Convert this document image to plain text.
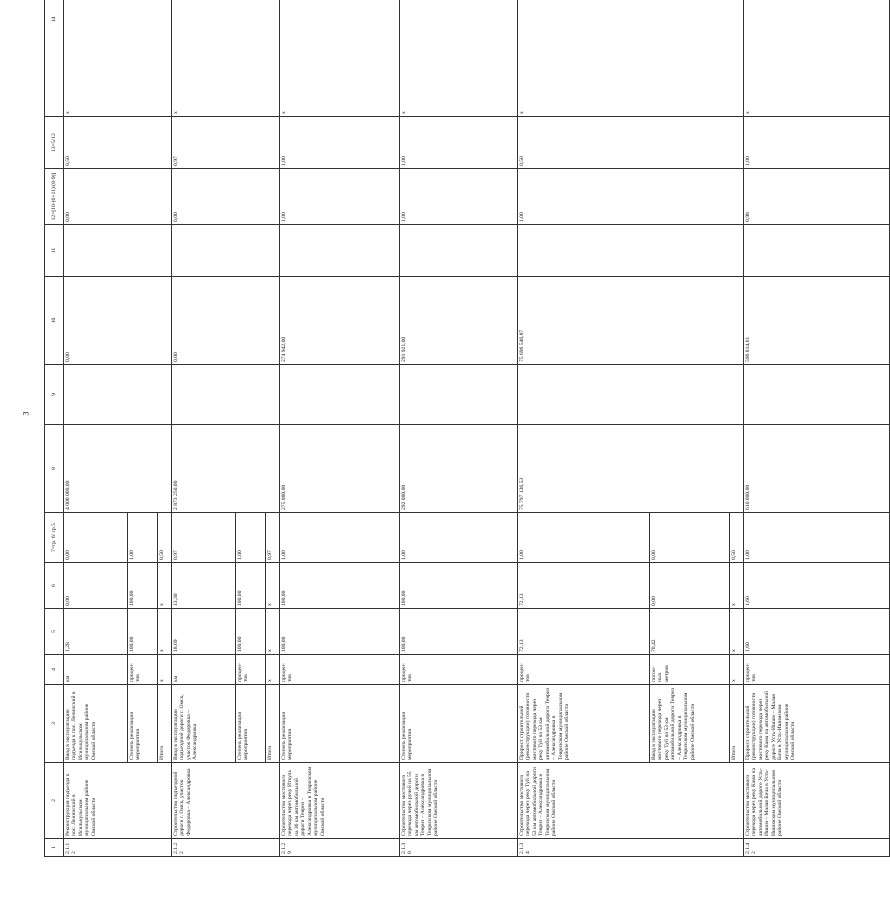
3
1	2	3	4	5	6	7=гр. 6/ гр.5	8	9	10	11	12=[10-(6+11)/(8-9)]	13=5/12	14
2.1.12	Реконструкция подъезда к пос. Ленинский в Исилькульском муниципальном районе Омской области	Ввод в эксплуатацию подъезда к пос. Ленинский в Исилькульском муниципальном районе Омской области	км	1,28	0,00	0,00	4 000 000,00		0,00		0,00	0,50	x
		Степень реализации мероприятия	процен-тов	100,00	100,00	1,00							
		Итого	x	x	x	0,50							
2.1.22	Строительство подъездной дороги г. Омск, участок Федоровка – Александровка	Ввод в эксплуатацию подъездной дороги г. Омск, участок Федоровка – Александровка	км	18,69	13,30	0,97	2 873 250,00		0,00		0,00	0,97	x
		Степень реализации мероприятия	процен-тов	100,00	100,00	1,00							
		Итого	x	x	x	0,97							
2.1.29	Строительство мостового перехода через реку Иткуль на 36 км автомобильной дороги Тевриз – Александровка в Тевризском муниципальном районе Омской области	Степень реализации мероприятия	процен-тов	100,00	100,00	1,00	275 000,00		274 942,00		1,00	1,00	x
2.1.30	Строительство мостового перехода через ручей на 55 км автомобильной дороги Тевриз – Александровка в Тевризском муниципальном районе Омской области	Степень реализации мероприятия	процен-тов	100,00	100,00	1,00	292 000,00		291 921,00		1,00	1,00	x
2.1.34	Строительство мостового перехода через реку Туй на 53 км автомобильной дороги Тевриз – Александровка в Тевризском муниципальном районе Омской области	Прирост строительной (реконструкции) готовности мостового перехода через реку Туй на 53 км автомобильной дороги Тевриз – Александровка в Тевризском муниципальном районе Омской области	процен-тов	72,13	72,13	1,00	75 797 136,53		75 696 546,87		1,00	0,50	x
		Ввод в эксплуатацию мостового перехода через реку Туй на 53 км автомобильной дороги Тевриз – Александровка в Тевризском муниципальном районе Омской области	погон-ных метров	70,42	0,00	0,00							
		Итого	x	x	x	0,50							
2.1.42	Строительство мостового перехода через реку Кама на автомобильной дороге Усть-Ишим – Малая Бича в Усть-Ишимском муниципальном районе Омской области	Прирост строительной (реконструкции) готовности мостового перехода через реку Кама на автомобильной дороге Усть-Ишим – Малая Бича в Усть-Ишимском муниципальном районе Омской области	процен-тов	1,60	1,60	1,00	610 000,00		596 814,61		0,98	1,00	x
